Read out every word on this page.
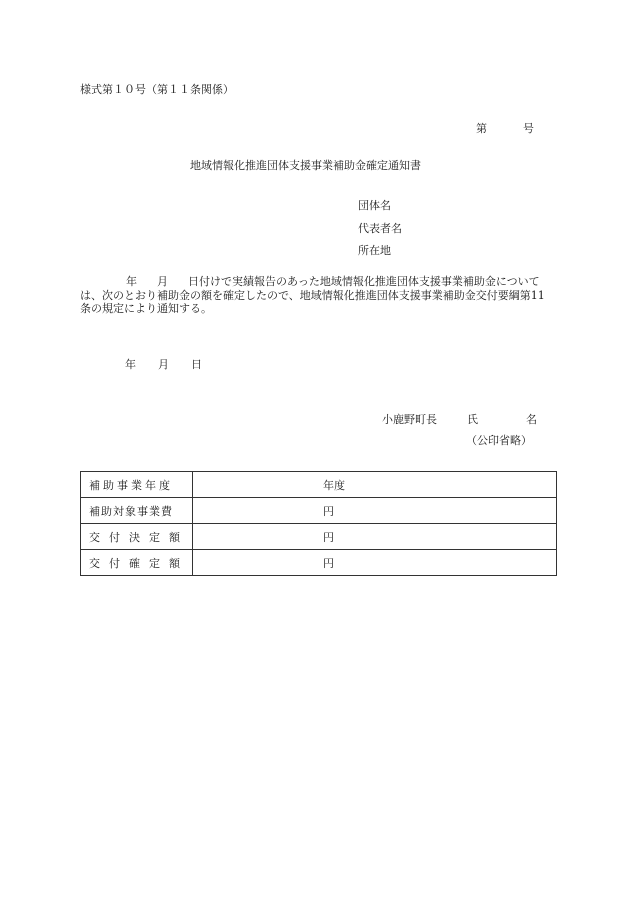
様式第１０号（第１１条関係）
第	号
地域情報化推進団体支援事業補助金確定通知書
団体名
代表者名
所在地
年 月 日付けで実績報告のあった地域情報化推進団体支援事業補助金については、次のとおり補助金の額を確定したので、地域情報化推進団体支援事業補助金交付要綱第11条の規定により通知する。
年 月 日
小鹿野町長	氏	名
（公印省略）
補助事業年度	年度
補助対象事業費	円
交付決定額	円
交付確定額	円
